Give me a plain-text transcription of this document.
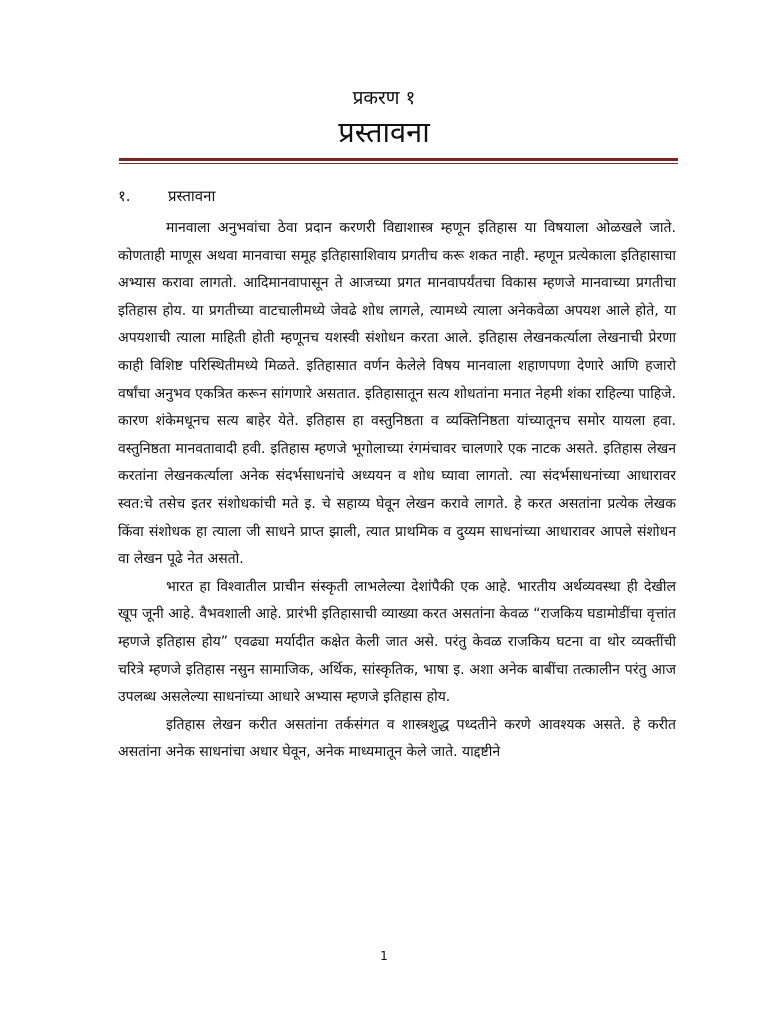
प्रकरण १
प्रस्तावना
१. प्रस्तावना

मानवाला अनुभवांचा ठेवा प्रदान करणरी विद्याशास्त्र म्हणून इतिहास या विषयाला ओळखले जाते. कोणताही माणूस अथवा मानवाचा समूह इतिहासाशिवाय प्रगतीच करू शकत नाही. म्हणून प्रत्येकाला इतिहासाचा अभ्यास करावा लागतो. आदिमानवापासून ते आजच्या प्रगत मानवापर्यंतचा विकास म्हणजे मानवाच्या प्रगतीचा इतिहास होय. या प्रगतीच्या वाटचालीमध्ये जेवढे शोध लागले, त्यामध्ये त्याला अनेकवेळा अपयश आले होते, या अपयशाची त्याला माहिती होती म्हणूनच यशस्वी संशोधन करता आले. इतिहास लेखनकर्त्याला लेखनाची प्रेरणा काही विशिष्ट परिस्थितीमध्ये मिळते. इतिहासात वर्णन केलेले विषय मानवाला शहाणपणा देणारे आणि हजारो वर्षांचा अनुभव एकत्रित करून सांगणारे असतात. इतिहासातून सत्य शोधतांना मनात नेहमी शंका राहिल्या पाहिजे. कारण शंकेमधूनच सत्य बाहेर येते. इतिहास हा वस्तुनिष्ठता व व्यक्तिनिष्ठता यांच्यातूनच समोर यायला हवा. वस्तुनिष्ठता मानवतावादी हवी. इतिहास म्हणजे भूगोलाच्या रंगमंचावर चालणारे एक नाटक असते. इतिहास लेखन करतांना लेखनकर्त्याला अनेक संदर्भसाधनांचे अध्ययन व शोध घ्यावा लागतो. त्या संदर्भसाधनांच्या आधारावर स्वत:चे तसेच इतर संशोधकांची मते इ. चे सहाय्य घेवून लेखन करावे लागते. हे करत असतांना प्रत्येक लेखक किंवा संशोधक हा त्याला जी साधने प्राप्त झाली, त्यात प्राथमिक व दुय्यम साधनांच्या आधारावर आपले संशोधन वा लेखन पूढे नेत असतो.

भारत हा विश्वातील प्राचीन संस्कृती लाभलेल्या देशांपैकी एक आहे. भारतीय अर्थव्यवस्था ही देखील खूप जूनी आहे. वैभवशाली आहे. प्रारंभी इतिहासाची व्याख्या करत असतांना केवळ “राजकिय घडामोडींचा वृत्तांत म्हणजे इतिहास होय” एवढ्या मर्यादीत कक्षेत केली जात असे. परंतु केवळ राजकिय घटना वा थोर व्यक्तींची चरित्रे म्हणजे इतिहास नसुन सामाजिक, अर्थिक, सांस्कृतिक, भाषा इ. अशा अनेक बाबींचा तत्कालीन परंतु आज उपलब्ध असलेल्या साधनांच्या आधारे अभ्यास म्हणजे इतिहास होय.

इतिहास लेखन करीत असतांना तर्कसंगत व शास्त्रशुद्ध पध्दतीने करणे आवश्यक असते. हे करीत असतांना अनेक साधनांचा अधार घेवून, अनेक माध्यमातून केले जाते. याद्दष्टीने

1
